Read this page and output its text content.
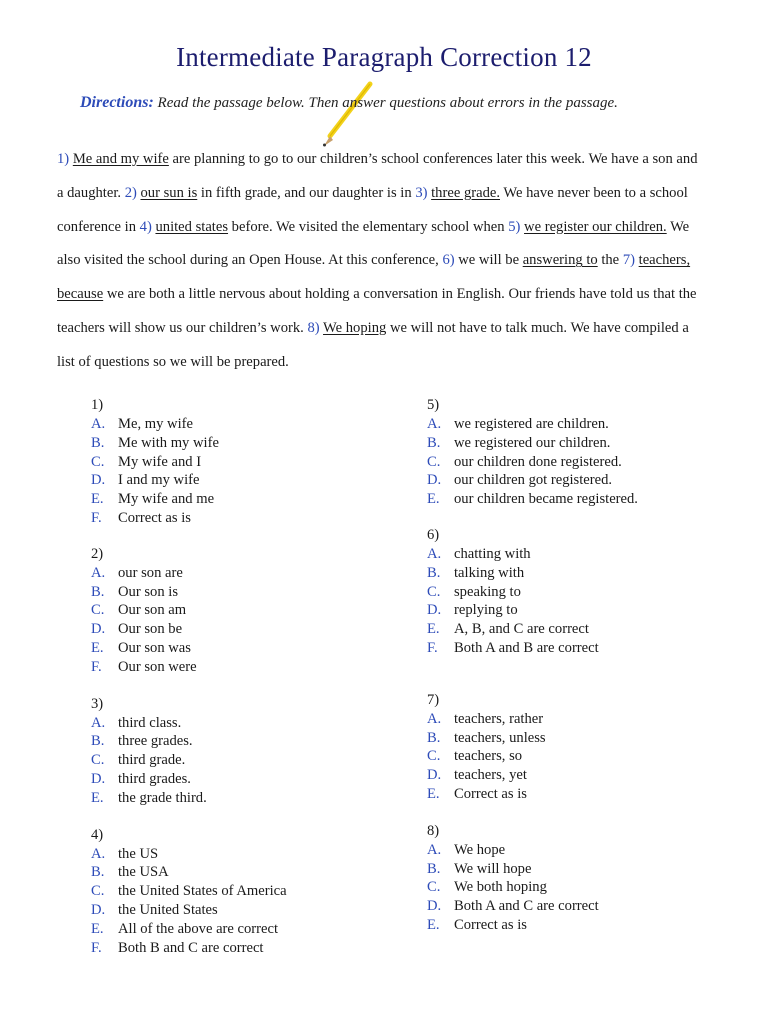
Intermediate Paragraph Correction 12
Directions: Read the passage below. Then answer questions about errors in the passage.
1) Me and my wife are planning to go to our children’s school conferences later this week. We have a son and a daughter. 2) our sun is in fifth grade, and our daughter is in 3) three grade. We have never been to a school conference in 4) united states before. We visited the elementary school when 5) we register our children. We also visited the school during an Open House. At this conference, 6) we will be answering to the 7) teachers, because we are both a little nervous about holding a conversation in English. Our friends have told us that the teachers will show us our children’s work. 8) We hoping we will not have to talk much. We have compiled a list of questions so we will be prepared.
1)
A. Me, my wife
B. Me with my wife
C. My wife and I
D. I and my wife
E. My wife and me
F. Correct as is
2)
A. our son are
B. Our son is
C. Our son am
D. Our son be
E. Our son was
F. Our son were
3)
A. third class.
B. three grades.
C. third grade.
D. third grades.
E. the grade third.
4)
A. the US
B. the USA
C. the United States of America
D. the United States
E. All of the above are correct
F. Both B and C are correct
5)
A. we registered are children.
B. we registered our children.
C. our children done registered.
D. our children got registered.
E. our children became registered.
6)
A. chatting with
B. talking with
C. speaking to
D. replying to
E. A, B, and C are correct
F. Both A and B are correct
7)
A. teachers, rather
B. teachers, unless
C. teachers, so
D. teachers, yet
E. Correct as is
8)
A. We hope
B. We will hope
C. We both hoping
D. Both A and C are correct
E. Correct as is
